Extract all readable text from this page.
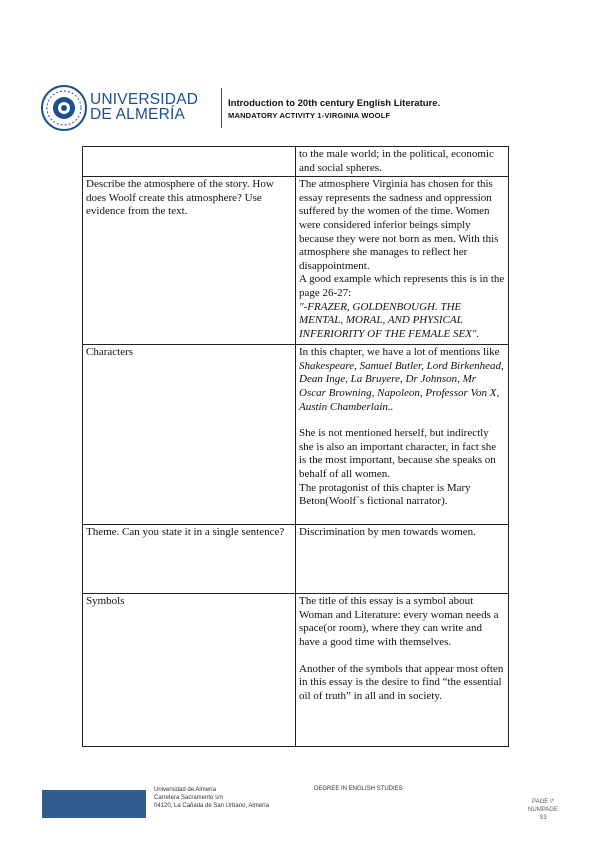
UNIVERSIDAD
DE ALMERÍA
Introduction to 20th century English Literature.
MANDATORY ACTIVITY 1-VIRGINIA WOOLF
	to the male world; in the political, economic and social spheres.
Describe the atmosphere of the story. How does Woolf create this atmosphere? Use evidence from the text.	The atmosphere Virginia has chosen for this essay represents the sadness and oppression suffered by the women of the time. Women were considered inferior beings simply because they were not born as men. With this atmosphere she manages to reflect her disappointment.
A good example which represents this is in the page 26-27:
"-FRAZER, GOLDENBOUGH. THE MENTAL, MORAL, AND PHYSICAL INFERIORITY OF THE FEMALE SEX".

Characters	In this chapter, we have a lot of mentions like Shakespeare, Samuel Butler, Lord Birkenhead, Dean Inge, La Bruyere, Dr Johnson, Mr Oscar Browning, Napoleon, Professor Von X, Austin Chamberlain..
She is not mentioned herself, but indirectly she is also an important character, in fact she is the most important, because she speaks on behalf of all women.
The protagonist of this chapter is Mary Beton(Woolf´s fictional narrator).

Theme. Can you state it in a single sentence?	Discrimination by men towards women.
Symbols	The title of this essay is a symbol about Woman and Literature: every woman needs a space(or room), where they can write and have a good time with themselves.
Another of the symbols that appear most often in this essay is the desire to find “the essential oil of truth” in all and in society.
Universidad de Almería
Carretera Sacramento s/n
04120, La Cañada de San Urbano, Almería
DEGREE IN ENGLISH STUDIES
PAGE \*
NUMPAGE
S3
